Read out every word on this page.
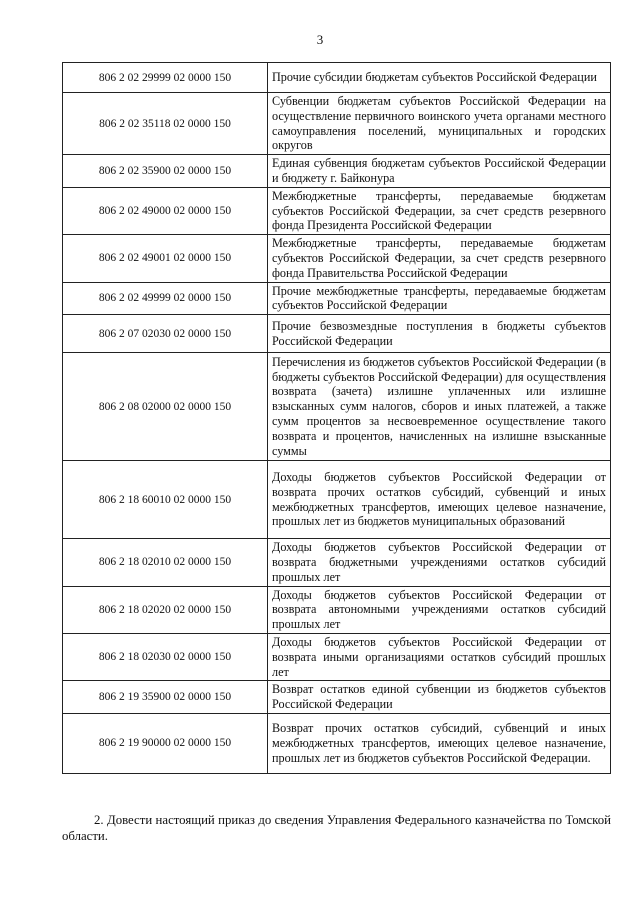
3
806 2 02 29999 02 0000 150	Прочие субсидии бюджетам субъектов Российской Федерации
806 2 02 35118 02 0000 150	Субвенции бюджетам субъектов Российской Федерации на осуществление первичного воинского учета органами местного самоуправления поселений, муниципальных и городских округов
806 2 02 35900 02 0000 150	Единая субвенция бюджетам субъектов Российской Федерации и бюджету г. Байконура
806 2 02 49000 02 0000 150	Межбюджетные трансферты, передаваемые бюджетам субъектов Российской Федерации, за счет средств резервного фонда Президента Российской Федерации
806 2 02 49001 02 0000 150	Межбюджетные трансферты, передаваемые бюджетам субъектов Российской Федерации, за счет средств резервного фонда Правительства Российской Федерации
806 2 02 49999 02 0000 150	Прочие межбюджетные трансферты, передаваемые бюджетам субъектов Российской Федерации
806 2 07 02030 02 0000 150	Прочие безвозмездные поступления в бюджеты субъектов Российской Федерации
806 2 08 02000 02 0000 150	Перечисления из бюджетов субъектов Российской Федерации (в бюджеты субъектов Российской Федерации) для осуществления возврата (зачета) излишне уплаченных или излишне взысканных сумм налогов, сборов и иных платежей, а также сумм процентов за несвоевременное осуществление такого возврата и процентов, начисленных на излишне взысканные суммы
806 2 18 60010 02 0000 150	Доходы бюджетов субъектов Российской Федерации от возврата прочих остатков субсидий, субвенций и иных межбюджетных трансфертов, имеющих целевое назначение, прошлых лет из бюджетов муниципальных образований
806 2 18 02010 02 0000 150	Доходы бюджетов субъектов Российской Федерации от возврата бюджетными учреждениями остатков субсидий прошлых лет
806 2 18 02020 02 0000 150	Доходы бюджетов субъектов Российской Федерации от возврата автономными учреждениями остатков субсидий прошлых лет
806 2 18 02030 02 0000 150	Доходы бюджетов субъектов Российской Федерации от возврата иными организациями остатков субсидий прошлых лет
806 2 19 35900 02 0000 150	Возврат остатков единой субвенции из бюджетов субъектов Российской Федерации
806 2 19 90000 02 0000 150	Возврат прочих остатков субсидий, субвенций и иных межбюджетных трансфертов, имеющих целевое назначение, прошлых лет из бюджетов субъектов Российской Федерации.

2. Довести настоящий приказ до сведения Управления Федерального казначейства по Томской области.
